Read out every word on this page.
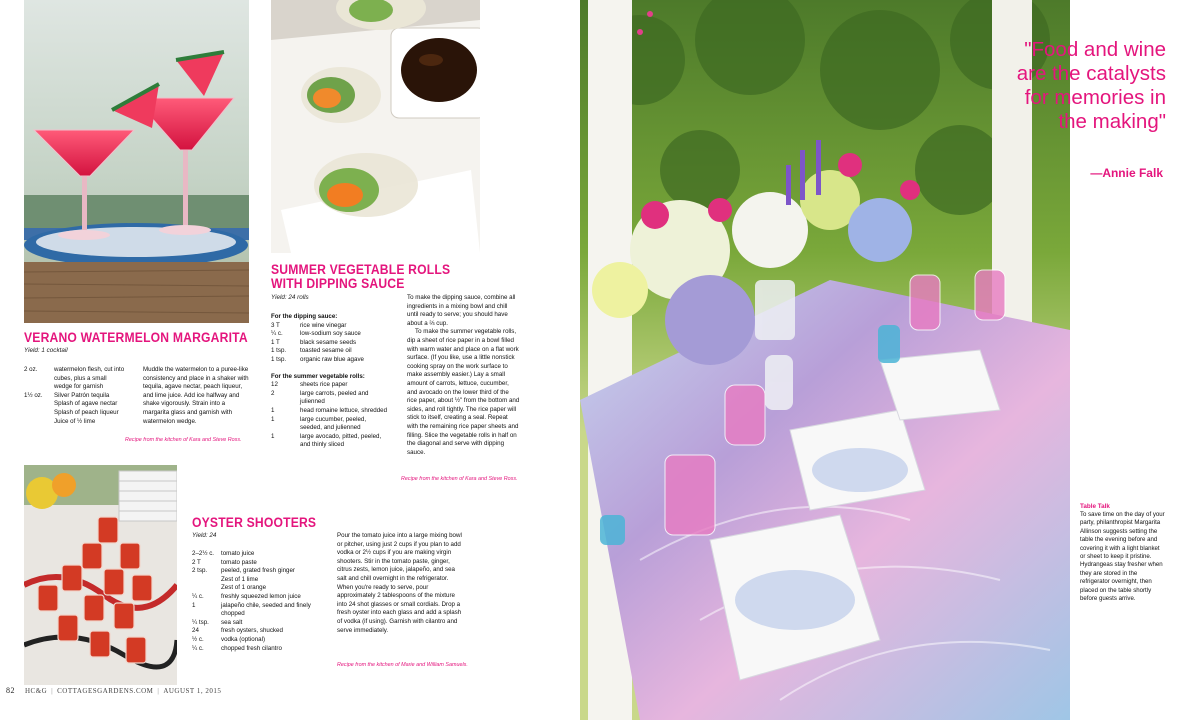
VERANO WATERMELON MARGARITA
Yield: 1 cocktail
2 oz.	watermelon flesh, cut into
cubes, plus a small
wedge for garnish
1½ oz.	Silver Patrón tequila
Splash of agave nectar
Splash of peach liqueur
Juice of ½ lime

Muddle the watermelon to a puree-like consistency and place in a shaker with tequila, agave nectar, peach liqueur, and lime juice. Add ice halfway and shake vigorously. Strain into a margarita glass and garnish with watermelon wedge.

Recipe from the kitchen of Kara and Steve Ross.
SUMMER VEGETABLE ROLLS
WITH DIPPING SAUCE
Yield: 24 rolls
For the dipping sauce:
3 T	rice wine vinegar
¼ c.	low-sodium soy sauce
1 T	black sesame seeds
1 tsp.	toasted sesame oil
1 tsp.	organic raw blue agave
For the summer vegetable rolls:
12	sheets rice paper
2	large carrots, peeled and julienned
1	head romaine lettuce, shredded
1	large cucumber, peeled, seeded, and julienned
1	large avocado, pitted, peeled, and thinly sliced

To make the dipping sauce, combine all ingredients in a mixing bowl and chill until ready to serve; you should have about a ⅔ cup.

To make the summer vegetable rolls, dip a sheet of rice paper in a bowl filled with warm water and place on a flat work surface. (If you like, use a little nonstick cooking spray on the work surface to make assembly easier.) Lay a small amount of carrots, lettuce, cucumber, and avocado on the lower third of the rice paper, about ½" from the bottom and sides, and roll tightly. The rice paper will stick to itself, creating a seal. Repeat with the remaining rice paper sheets and filling. Slice the vegetable rolls in half on the diagonal and serve with dipping sauce.

Recipe from the kitchen of Kara and Steve Ross.
OYSTER SHOOTERS
Yield: 24
2–2½ c.	tomato juice
2 T	tomato paste
2 tsp.	peeled, grated fresh ginger
Zest of 1 lime
Zest of 1 orange
¼ c.	freshly squeezed lemon juice
1	jalapeño chile, seeded and finely chopped
¼ tsp.	sea salt
24	fresh oysters, shucked
½ c.	vodka (optional)
¼ c.	chopped fresh cilantro

Pour the tomato juice into a large mixing bowl or pitcher, using just 2 cups if you plan to add vodka or 2½ cups if you are making virgin shooters. Stir in the tomato paste, ginger, citrus zests, lemon juice, jalapeño, and sea salt and chill overnight in the refrigerator. When you're ready to serve, pour approximately 2 tablespoons of the mixture into 24 shot glasses or small cordials. Drop a fresh oyster into each glass and add a splash of vodka (if using). Garnish with cilantro and serve immediately.

Recipe from the kitchen of Marie and William Samuels.
82 HC&G | COTTAGESGARDENS.COM | AUGUST 1, 2015
"Food and wine are the catalysts for memories in the making"
—Annie Falk
Table Talk
To save time on the day of your party, philanthropist Margarita Allinson suggests setting the table the evening before and covering it with a light blanket or sheet to keep it pristine. Hydrangeas stay fresher when they are stored in the refrigerator overnight, then placed on the table shortly before guests arrive.
